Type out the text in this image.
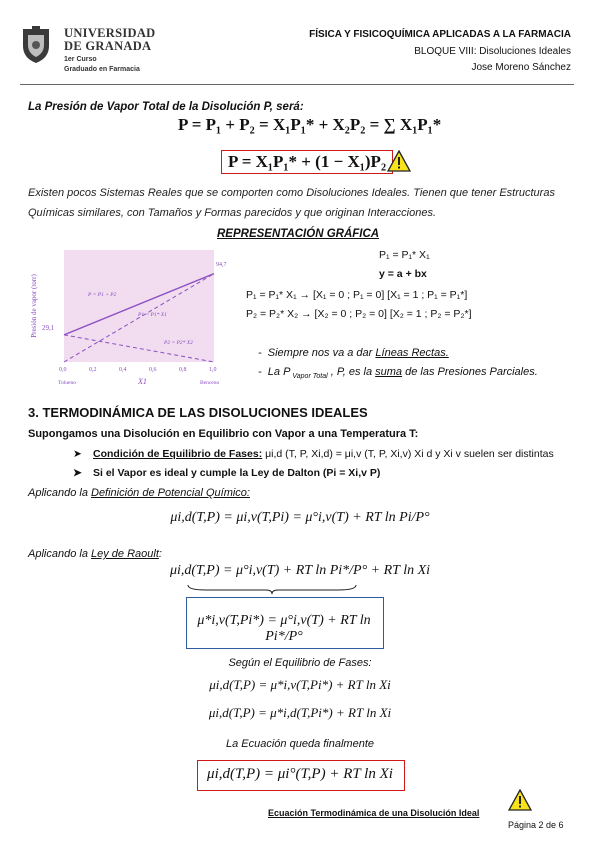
UNIVERSIDAD
DE GRANADA
1er Curso
Graduado en Farmacia
FÍSICA Y FISICOQUÍMICA APLICADAS A LA FARMACIA
BLOQUE VIII: Disoluciones Ideales
Jose Moreno Sánchez
La Presión de Vapor Total de la Disolución P, será:
P = P₁ + P₂ = X₁P₁* + X₂P₂ = ∑ X₁P₁*
P = X₁P₁* + (1 − X₁)P₂
Existen pocos Sistemas Reales que se comporten como Disoluciones Ideales. Tienen que tener Estructuras Químicas similares, con Tamaños y Formas parecidos y que originan Interacciones.
REPRESENTACIÓN GRÁFICA
Presión de vapor (torr) 29,1
94,7
P = P1 + P2
P1 = P1* X1
P2 = P2* X2
X1
Tolueno	Benceno
0,0	0,2	0,4	0,6	0,8	1,0
P₁ = P₁* X₁
y = a + bx
P₁ = P₁* X₁ → [X₁ = 0 ; P₁ = 0] [X₁ = 1 ; P₁ = P₁*]
P₂ = P₂* X₂ → [X₂ = 0 ; P₂ = 0] [X₂ = 1 ; P₂ = P₂*]
-  Siempre nos va a dar Líneas Rectas.
-  La P $_{Vapor Total}$ , P, es la suma de las Presiones Parciales.
3. TERMODINÁMICA DE LAS DISOLUCIONES IDEALES
Supongamos una Disolución en Equilibrio con Vapor a una Temperatura T:
➤ Condición de Equilibrio de Fases: μi,d (T, P, Xi,d) = μi,v (T, P, Xi,v) Xi d y Xi v suelen ser distintas
➤ Si el Vapor es ideal y cumple la Ley de Dalton (Pi = Xi,v P)
Aplicando la Definición de Potencial Químico:
μi,d(T,P) = μi,v(T,Pi) = μ°i,v(T) + RT ln Pi/P°
Aplicando la Ley de Raoult:
μi,d(T,P) = μ°i,v(T) + RT ln Pi*/P° + RT ln Xi
μ*i,v(T,Pi*) = μ°i,v(T) + RT ln Pi*/P°
Según el Equilibrio de Fases:
μi,d(T,P) = μ*i,v(T,Pi*) + RT ln Xi
μi,d(T,P) = μ*i,d(T,Pi*) + RT ln Xi
La Ecuación queda finalmente
μi,d(T,P) = μi°(T,P) + RT ln Xi
Ecuación Termodinámica de una Disolución Ideal
Página 2 de 6
